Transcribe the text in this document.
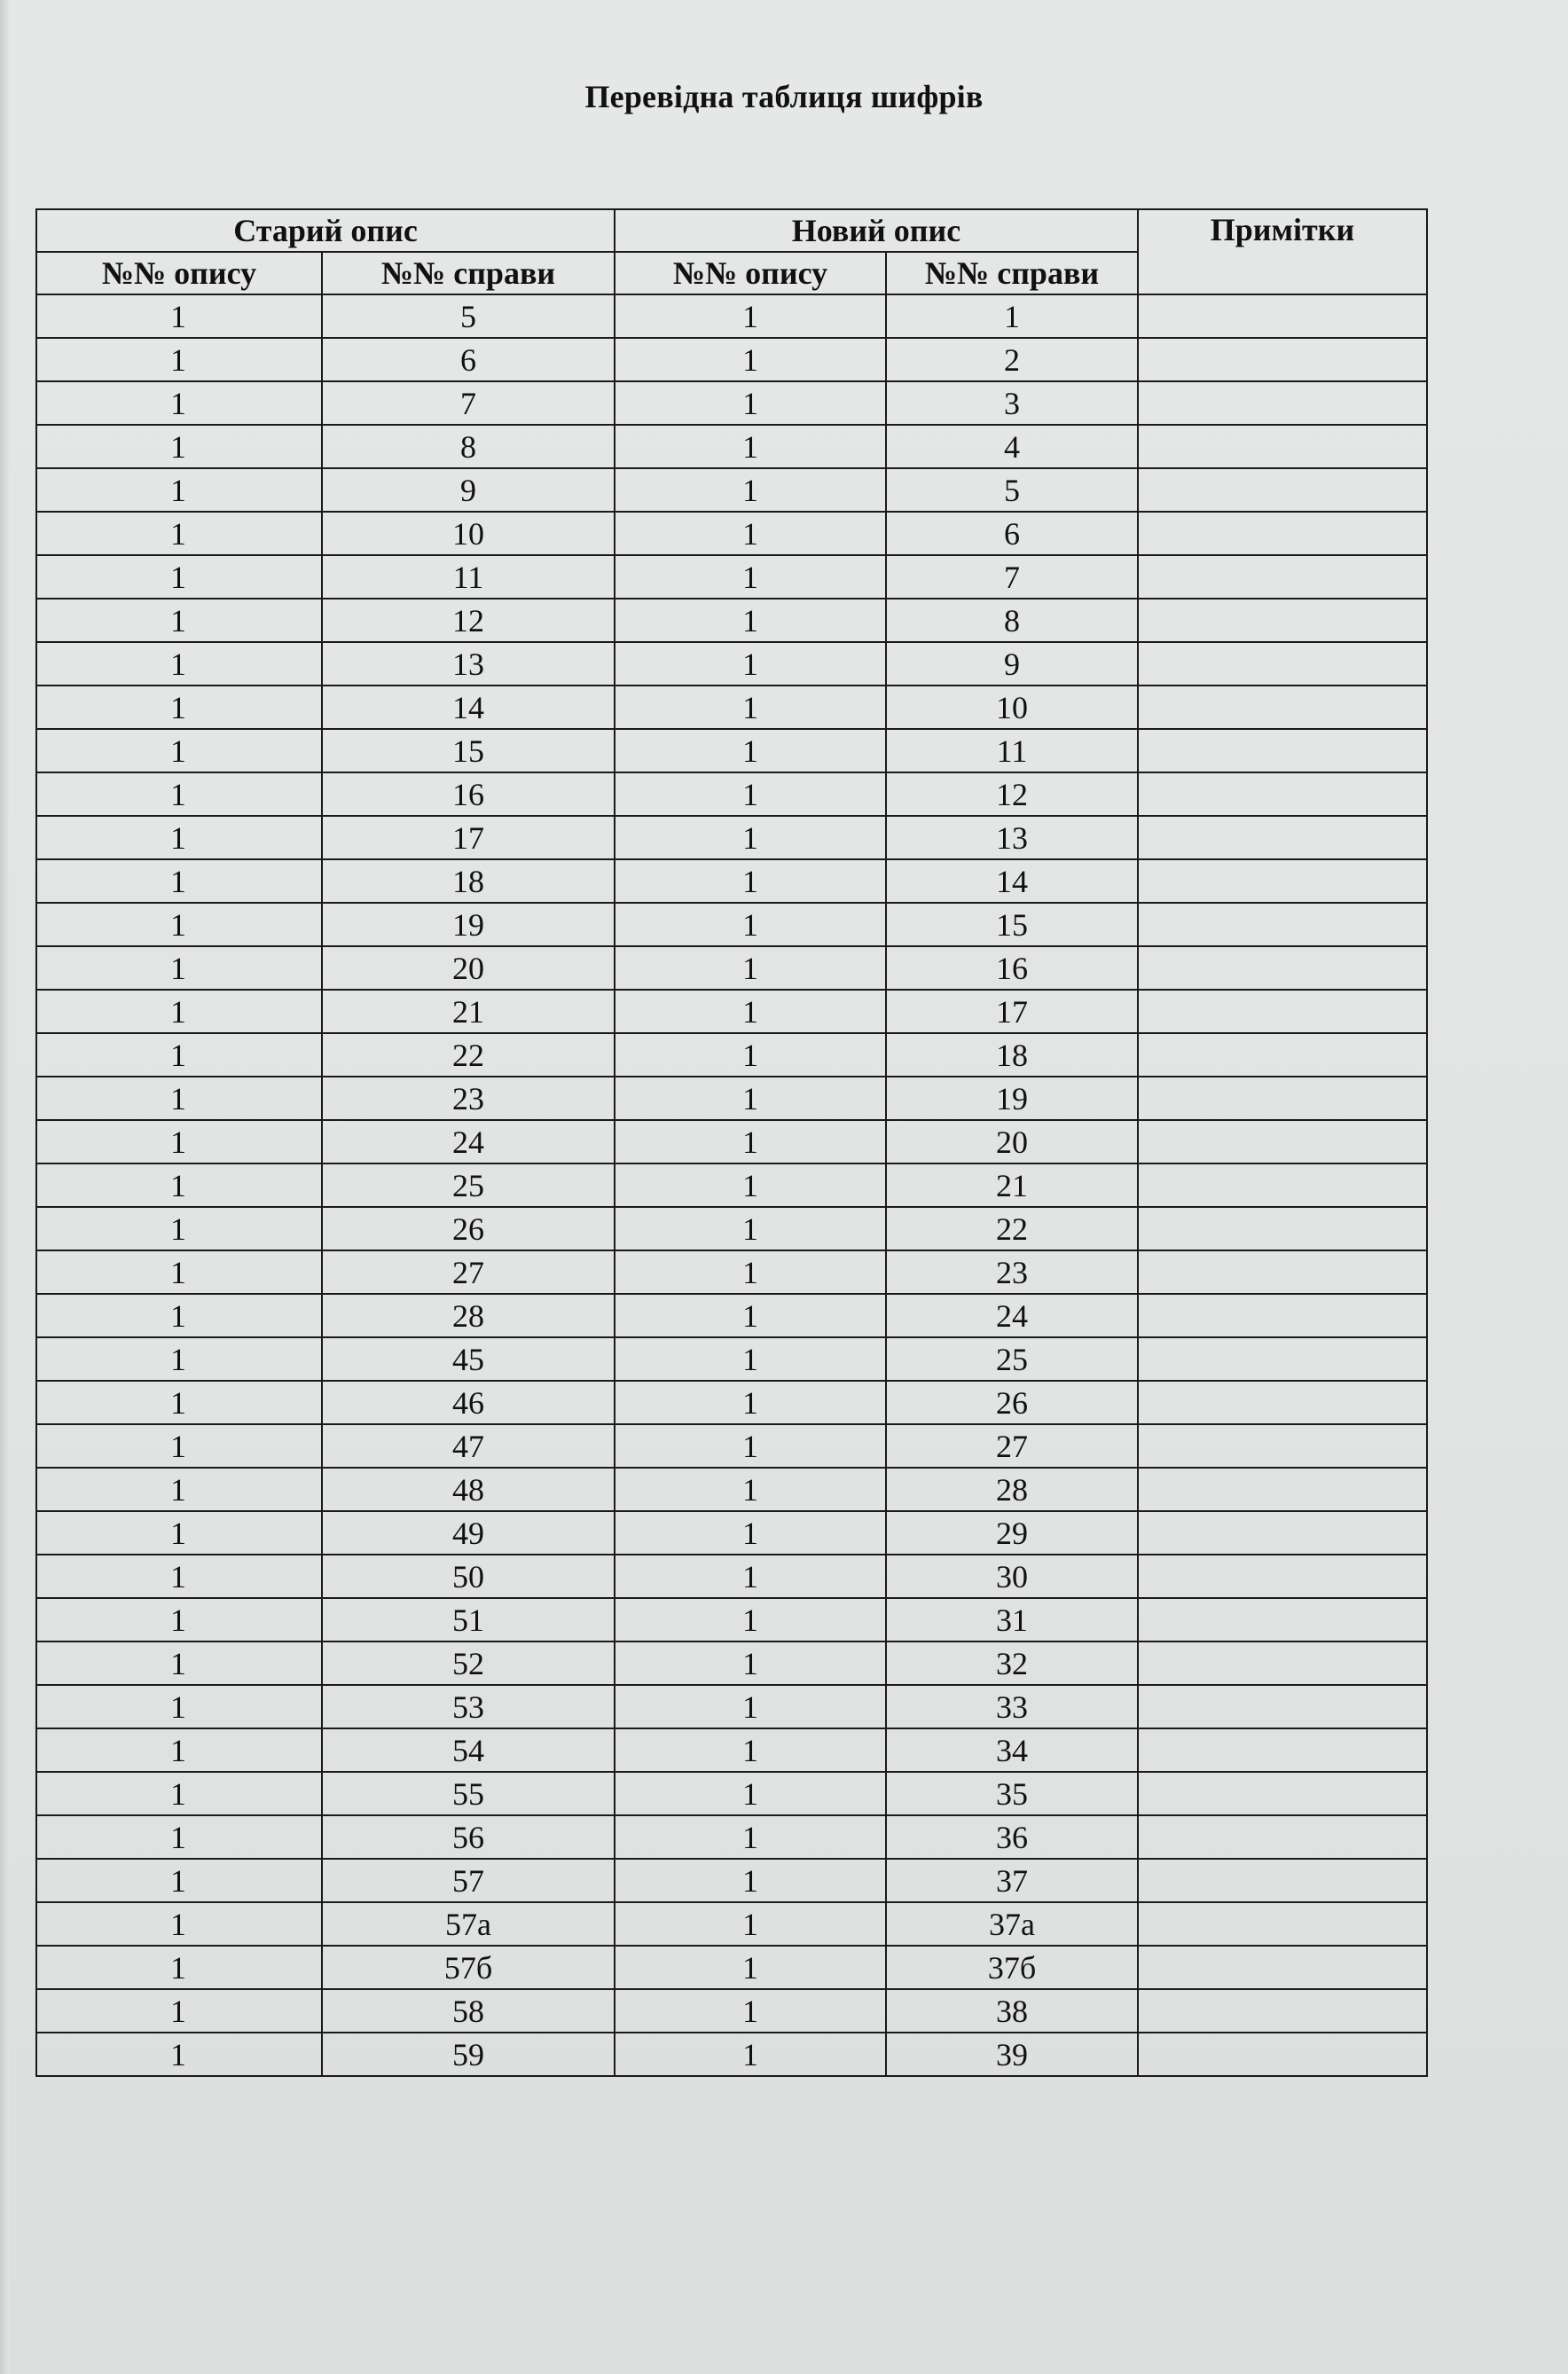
Перевідна таблиця шифрів
Старий опис		Новий опис		Примітки
№№ опису	№№ справи	№№ опису	№№ справи	
1	5	1	1	
1	6	1	2	
1	7	1	3	
1	8	1	4	
1	9	1	5	
1	10	1	6	
1	11	1	7	
1	12	1	8	
1	13	1	9	
1	14	1	10	
1	15	1	11	
1	16	1	12	
1	17	1	13	
1	18	1	14	
1	19	1	15	
1	20	1	16	
1	21	1	17	
1	22	1	18	
1	23	1	19	
1	24	1	20	
1	25	1	21	
1	26	1	22	
1	27	1	23	
1	28	1	24	
1	45	1	25	
1	46	1	26	
1	47	1	27	
1	48	1	28	
1	49	1	29	
1	50	1	30	
1	51	1	31	
1	52	1	32	
1	53	1	33	
1	54	1	34	
1	55	1	35	
1	56	1	36	
1	57	1	37	
1	57а	1	37а	
1	57б	1	37б	
1	58	1	38	
1	59	1	39	
